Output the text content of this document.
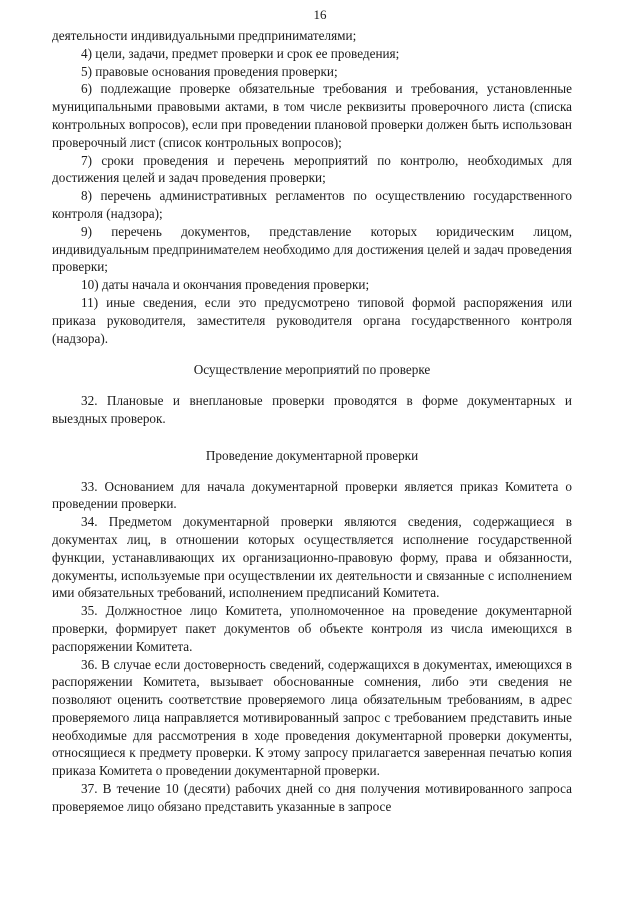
16

деятельности индивидуальными предпринимателями;

4) цели, задачи, предмет проверки и срок ее проведения;

5) правовые основания проведения проверки;

6) подлежащие проверке обязательные требования и требования, установленные муниципальными правовыми актами, в том числе реквизиты проверочного листа (списка контрольных вопросов), если при проведении плановой проверки должен быть использован проверочный лист (список контрольных вопросов);

7) сроки проведения и перечень мероприятий по контролю, необходимых для достижения целей и задач проведения проверки;

8) перечень административных регламентов по осуществлению государственного контроля (надзора);

9) перечень документов, представление которых юридическим лицом, индивидуальным предпринимателем необходимо для достижения целей и задач проведения проверки;

10) даты начала и окончания проведения проверки;

11) иные сведения, если это предусмотрено типовой формой распоряжения или приказа руководителя, заместителя руководителя органа государственного контроля (надзора).

Осуществление мероприятий по проверке

32. Плановые и внеплановые проверки проводятся в форме документарных и выездных проверок.

Проведение документарной проверки

33. Основанием для начала документарной проверки является приказ Комитета о проведении проверки.

34. Предметом документарной проверки являются сведения, содержащиеся в документах лиц, в отношении которых осуществляется исполнение государственной функции, устанавливающих их организационно-правовую форму, права и обязанности, документы, используемые при осуществлении их деятельности и связанные с исполнением ими обязательных требований, исполнением предписаний Комитета.

35. Должностное лицо Комитета, уполномоченное на проведение документарной проверки, формирует пакет документов об объекте контроля из числа имеющихся в распоряжении Комитета.

36. В случае если достоверность сведений, содержащихся в документах, имеющихся в распоряжении Комитета, вызывает обоснованные сомнения, либо эти сведения не позволяют оценить соответствие проверяемого лица обязательным требованиям, в адрес проверяемого лица направляется мотивированный запрос с требованием представить иные необходимые для рассмотрения в ходе проведения документарной проверки документы, относящиеся к предмету проверки. К этому запросу прилагается заверенная печатью копия приказа Комитета о проведении документарной проверки.

37. В течение 10 (десяти) рабочих дней со дня получения мотивированного запроса проверяемое лицо обязано представить указанные в запросе
